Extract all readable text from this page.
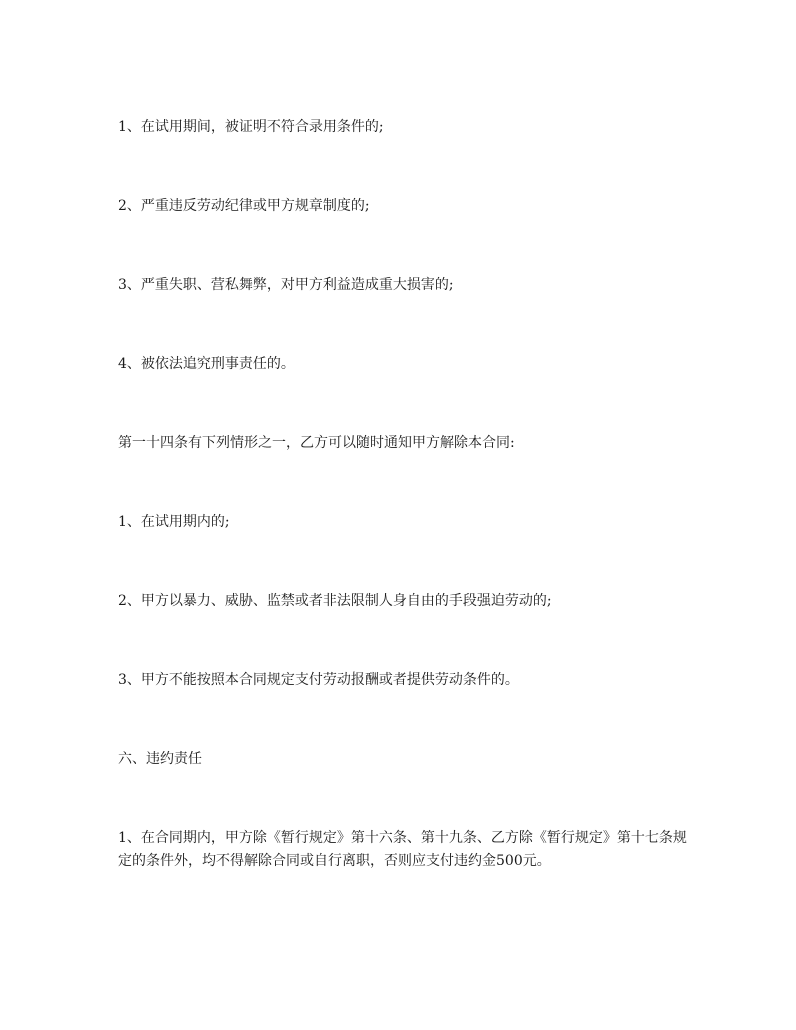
1、在试用期间，被证明不符合录用条件的;

2、严重违反劳动纪律或甲方规章制度的;

3、严重失职、营私舞弊，对甲方利益造成重大损害的;

4、被依法追究刑事责任的。

第一十四条有下列情形之一，乙方可以随时通知甲方解除本合同:

1、在试用期内的;

2、甲方以暴力、威胁、监禁或者非法限制人身自由的手段强迫劳动的;

3、甲方不能按照本合同规定支付劳动报酬或者提供劳动条件的。

六、违约责任

1、在合同期内，甲方除《暂行规定》第十六条、第十九条、乙方除《暂行规定》第十七条规定的条件外，均不得解除合同或自行离职，否则应支付违约金500元。
